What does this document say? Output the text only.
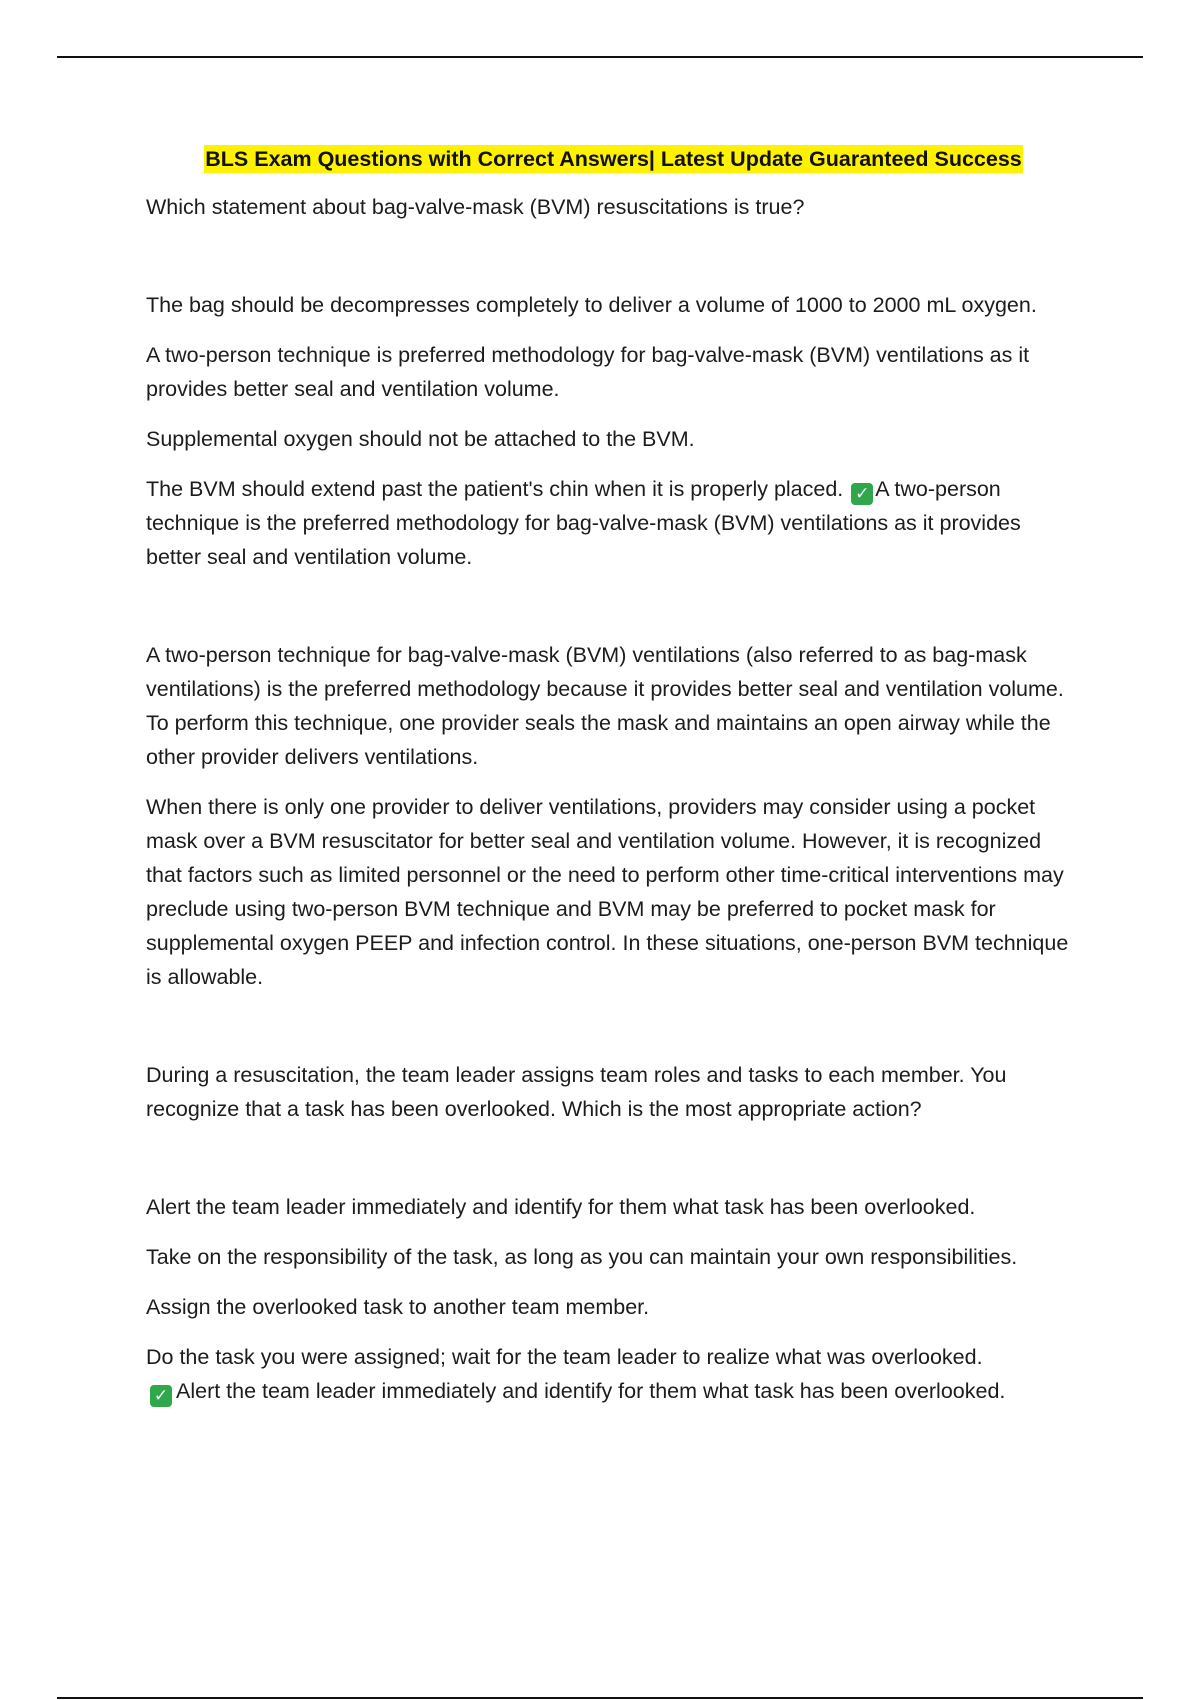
BLS Exam Questions with Correct Answers| Latest Update Guaranteed Success

Which statement about bag-valve-mask (BVM) resuscitations is true?

The bag should be decompresses completely to deliver a volume of 1000 to 2000 mL oxygen.

A two-person technique is preferred methodology for bag-valve-mask (BVM) ventilations as it provides better seal and ventilation volume.

Supplemental oxygen should not be attached to the BVM.

The BVM should extend past the patient's chin when it is properly placed. ✓ A two-person technique is the preferred methodology for bag-valve-mask (BVM) ventilations as it provides better seal and ventilation volume.

A two-person technique for bag-valve-mask (BVM) ventilations (also referred to as bag-mask ventilations) is the preferred methodology because it provides better seal and ventilation volume. To perform this technique, one provider seals the mask and maintains an open airway while the other provider delivers ventilations.

When there is only one provider to deliver ventilations, providers may consider using a pocket mask over a BVM resuscitator for better seal and ventilation volume. However, it is recognized that factors such as limited personnel or the need to perform other time-critical interventions may preclude using two-person BVM technique and BVM may be preferred to pocket mask for supplemental oxygen PEEP and infection control. In these situations, one-person BVM technique is allowable.

During a resuscitation, the team leader assigns team roles and tasks to each member. You recognize that a task has been overlooked. Which is the most appropriate action?

Alert the team leader immediately and identify for them what task has been overlooked.

Take on the responsibility of the task, as long as you can maintain your own responsibilities.

Assign the overlooked task to another team member.

Do the task you were assigned; wait for the team leader to realize what was overlooked.

✓ Alert the team leader immediately and identify for them what task has been overlooked.
